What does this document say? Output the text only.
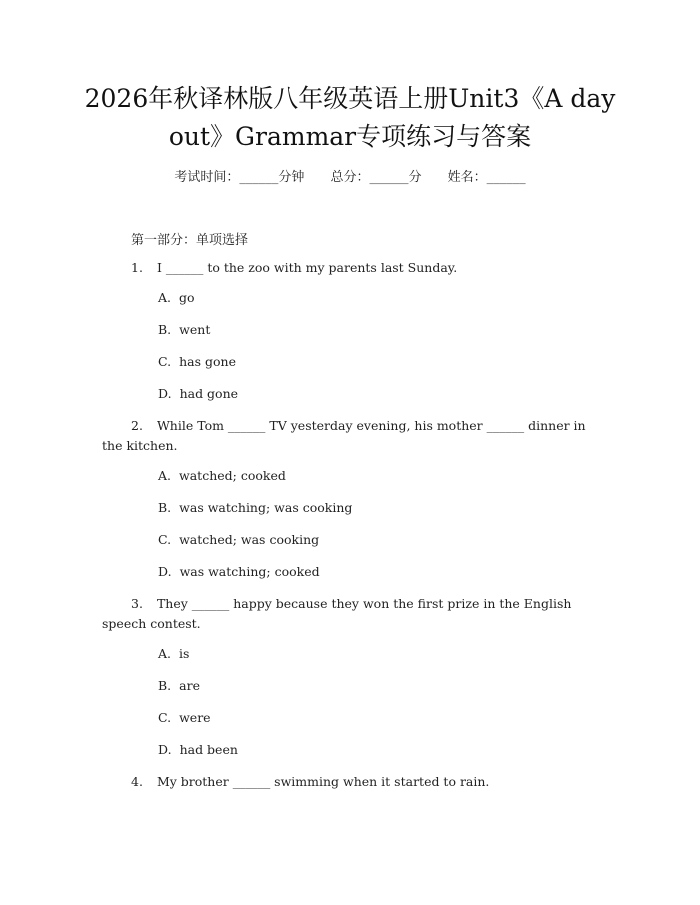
2026年秋译林版八年级英语上册Unit3《A day out》Grammar专项练习与答案
考试时间：______分钟 总分：______分 姓名：______
第一部分：单项选择
1. I ______ to the zoo with my parents last Sunday.
A. go
B. went
C. has gone
D. had gone
2. While Tom ______ TV yesterday evening, his mother ______ dinner in the kitchen.
A. watched; cooked
B. was watching; was cooking
C. watched; was cooking
D. was watching; cooked
3. They ______ happy because they won the first prize in the English speech contest.
A. is
B. are
C. were
D. had been
4. My brother ______ swimming when it started to rain.
